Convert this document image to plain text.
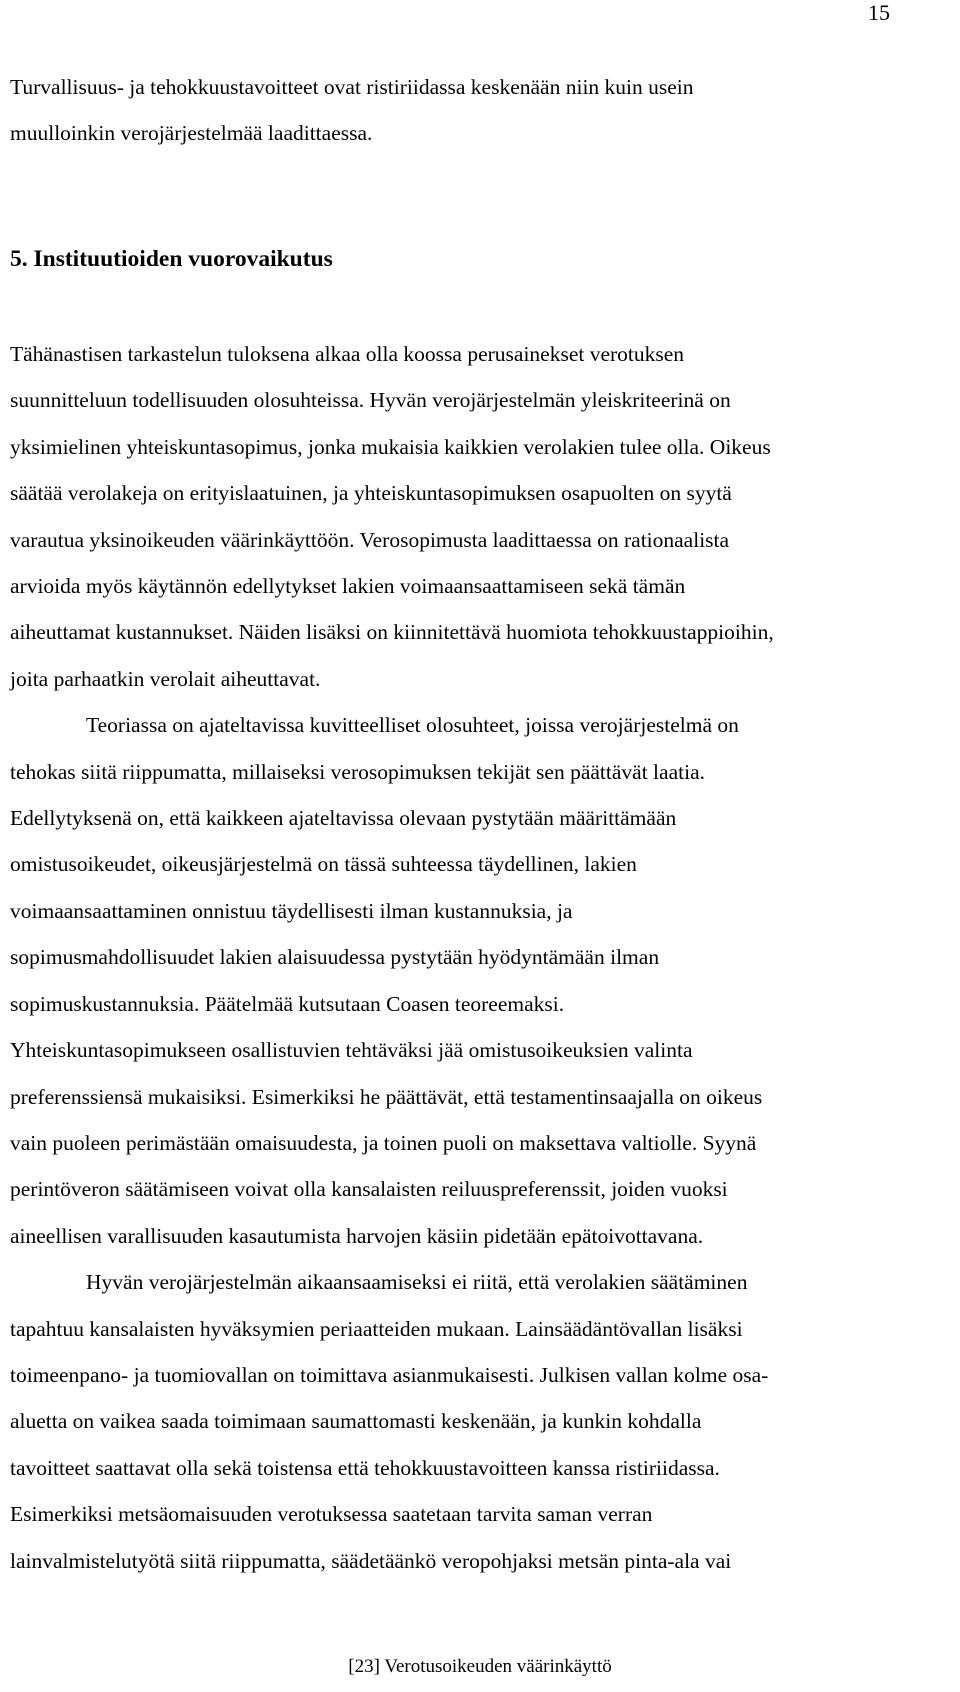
15
Turvallisuus- ja tehokkuustavoitteet ovat ristiriidassa keskenään niin kuin usein
muulloinkin verojärjestelmää laadittaessa.
5. Instituutioiden vuorovaikutus
Tähänastisen tarkastelun tuloksena alkaa olla koossa perusainekset verotuksen
suunnitteluun todellisuuden olosuhteissa. Hyvän verojärjestelmän yleiskriteerinä on
yksimielinen yhteiskuntasopimus, jonka mukaisia kaikkien verolakien tulee olla. Oikeus
säätää verolakeja on erityislaatuinen, ja yhteiskuntasopimuksen osapuolten on syytä
varautua yksinoikeuden väärinkäyttöön. Verosopimusta laadittaessa on rationaalista
arvioida myös käytännön edellytykset lakien voimaansaattamiseen sekä tämän
aiheuttamat kustannukset. Näiden lisäksi on kiinnitettävä huomiota tehokkuustappioihin,
joita parhaatkin verolait aiheuttavat.
Teoriassa on ajateltavissa kuvitteelliset olosuhteet, joissa verojärjestelmä on
tehokas siitä riippumatta, millaiseksi verosopimuksen tekijät sen päättävät laatia.
Edellytyksenä on, että kaikkeen ajateltavissa olevaan pystytään määrittämään
omistusoikeudet, oikeusjärjestelmä on tässä suhteessa täydellinen, lakien
voimaansaattaminen onnistuu täydellisesti ilman kustannuksia, ja
sopimusmahdollisuudet lakien alaisuudessa pystytään hyödyntämään ilman
sopimuskustannuksia. Päätelmää kutsutaan Coasen teoreemaksi.
Yhteiskuntasopimukseen osallistuvien tehtäväksi jää omistusoikeuksien valinta
preferenssiensä mukaisiksi. Esimerkiksi he päättävät, että testamentinsaajalla on oikeus
vain puoleen perimästään omaisuudesta, ja toinen puoli on maksettava valtiolle. Syynä
perintöveron säätämiseen voivat olla kansalaisten reiluuspreferenssit, joiden vuoksi
aineellisen varallisuuden kasautumista harvojen käsiin pidetään epätoivottavana.
Hyvän verojärjestelmän aikaansaamiseksi ei riitä, että verolakien säätäminen
tapahtuu kansalaisten hyväksymien periaatteiden mukaan. Lainsäädäntövallan lisäksi
toimeenpano- ja tuomiovallan on toimittava asianmukaisesti. Julkisen vallan kolme osa-
aluetta on vaikea saada toimimaan saumattomasti keskenään, ja kunkin kohdalla
tavoitteet saattavat olla sekä toistensa että tehokkuustavoitteen kanssa ristiriidassa.
Esimerkiksi metsäomaisuuden verotuksessa saatetaan tarvita saman verran
lainvalmistelutyötä siitä riippumatta, säädetäänkö veropohjaksi metsän pinta-ala vai
[23] Verotusoikeuden väärinkäyttö
